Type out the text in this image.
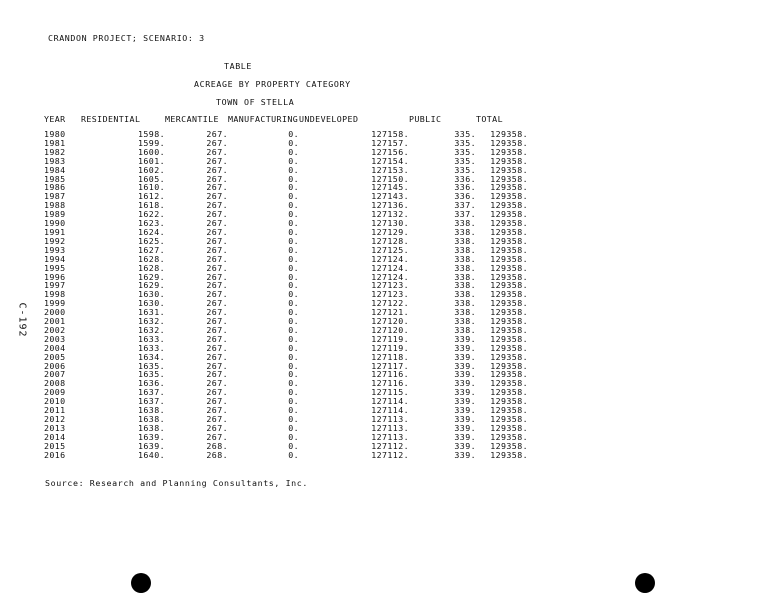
CRANDON PROJECT; SCENARIO: 3
TABLE
ACREAGE BY PROPERTY CATEGORY
TOWN OF STELLA
YEAR	RESIDENTIAL	MERCANTILE	MANUFACTURING	UNDEVELOPED	PUBLIC	TOTAL
1980	1598.	267.	0.	127158.	335.	129358.
1981	1599.	267.	0.	127157.	335.	129358.
1982	1600.	267.	0.	127156.	335.	129358.
1983	1601.	267.	0.	127154.	335.	129358.
1984	1602.	267.	0.	127153.	335.	129358.
1985	1605.	267.	0.	127150.	336.	129358.
1986	1610.	267.	0.	127145.	336.	129358.
1987	1612.	267.	0.	127143.	336.	129358.
1988	1618.	267.	0.	127136.	337.	129358.
1989	1622.	267.	0.	127132.	337.	129358.
1990	1623.	267.	0.	127130.	338.	129358.
1991	1624.	267.	0.	127129.	338.	129358.
1992	1625.	267.	0.	127128.	338.	129358.
1993	1627.	267.	0.	127125.	338.	129358.
1994	1628.	267.	0.	127124.	338.	129358.
1995	1628.	267.	0.	127124.	338.	129358.
1996	1629.	267.	0.	127124.	338.	129358.
1997	1629.	267.	0.	127123.	338.	129358.
1998	1630.	267.	0.	127123.	338.	129358.
1999	1630.	267.	0.	127122.	338.	129358.
2000	1631.	267.	0.	127121.	338.	129358.
2001	1632.	267.	0.	127120.	338.	129358.
2002	1632.	267.	0.	127120.	338.	129358.
2003	1633.	267.	0.	127119.	339.	129358.
2004	1633.	267.	0.	127119.	339.	129358.
2005	1634.	267.	0.	127118.	339.	129358.
2006	1635.	267.	0.	127117.	339.	129358.
2007	1635.	267.	0.	127116.	339.	129358.
2008	1636.	267.	0.	127116.	339.	129358.
2009	1637.	267.	0.	127115.	339.	129358.
2010	1637.	267.	0.	127114.	339.	129358.
2011	1638.	267.	0.	127114.	339.	129358.
2012	1638.	267.	0.	127113.	339.	129358.
2013	1638.	267.	0.	127113.	339.	129358.
2014	1639.	267.	0.	127113.	339.	129358.
2015	1639.	268.	0.	127112.	339.	129358.
2016	1640.	268.	0.	127112.	339.	129358.
Source: Research and Planning Consultants, Inc.
C-192
